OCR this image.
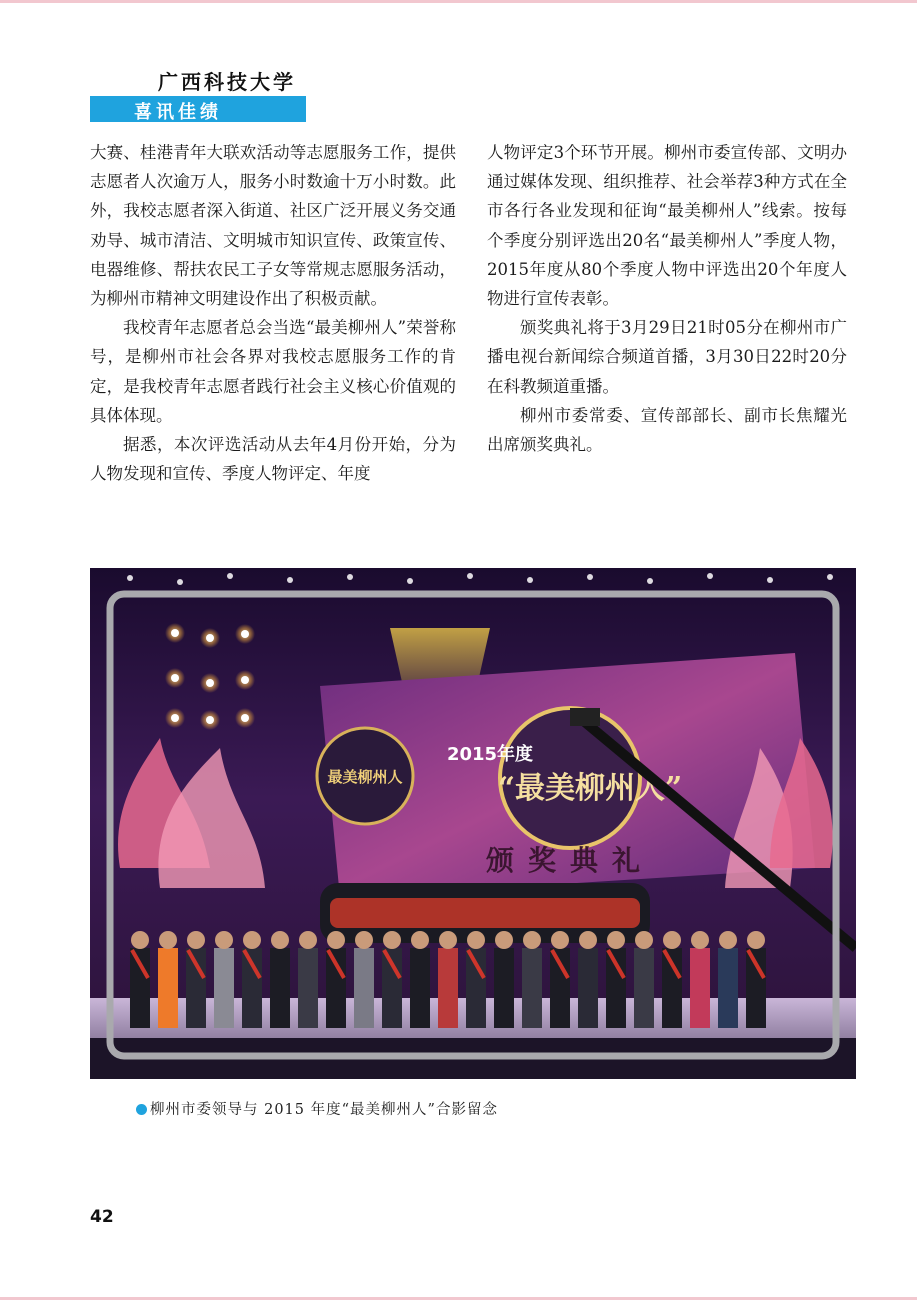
广西科技大学
喜讯佳绩

大赛、桂港青年大联欢活动等志愿服务工作，提供志愿者人次逾万人，服务小时数逾十万小时数。此外，我校志愿者深入街道、社区广泛开展义务交通劝导、城市清洁、文明城市知识宣传、政策宣传、电器维修、帮扶农民工子女等常规志愿服务活动，为柳州市精神文明建设作出了积极贡献。

我校青年志愿者总会当选“最美柳州人”荣誉称号，是柳州市社会各界对我校志愿服务工作的肯定，是我校青年志愿者践行社会主义核心价值观的具体体现。

据悉，本次评选活动从去年4月份开始，分为人物发现和宣传、季度人物评定、年度

人物评定3个环节开展。柳州市委宣传部、文明办通过媒体发现、组织推荐、社会举荐3种方式在全市各行各业发现和征询“最美柳州人”线索。按每个季度分别评选出20名“最美柳州人”季度人物，2015年度从80个季度人物中评选出20个年度人物进行宣传表彰。

颁奖典礼将于3月29日21时05分在柳州市广播电视台新闻综合频道首播，3月30日22时20分在科教频道重播。

柳州市委常委、宣传部部长、副市长焦耀光出席颁奖典礼。

最美柳州人
2015年度
“最美柳州人”
颁奖典礼
柳州市委领导与 2015 年度“最美柳州人”合影留念
42
